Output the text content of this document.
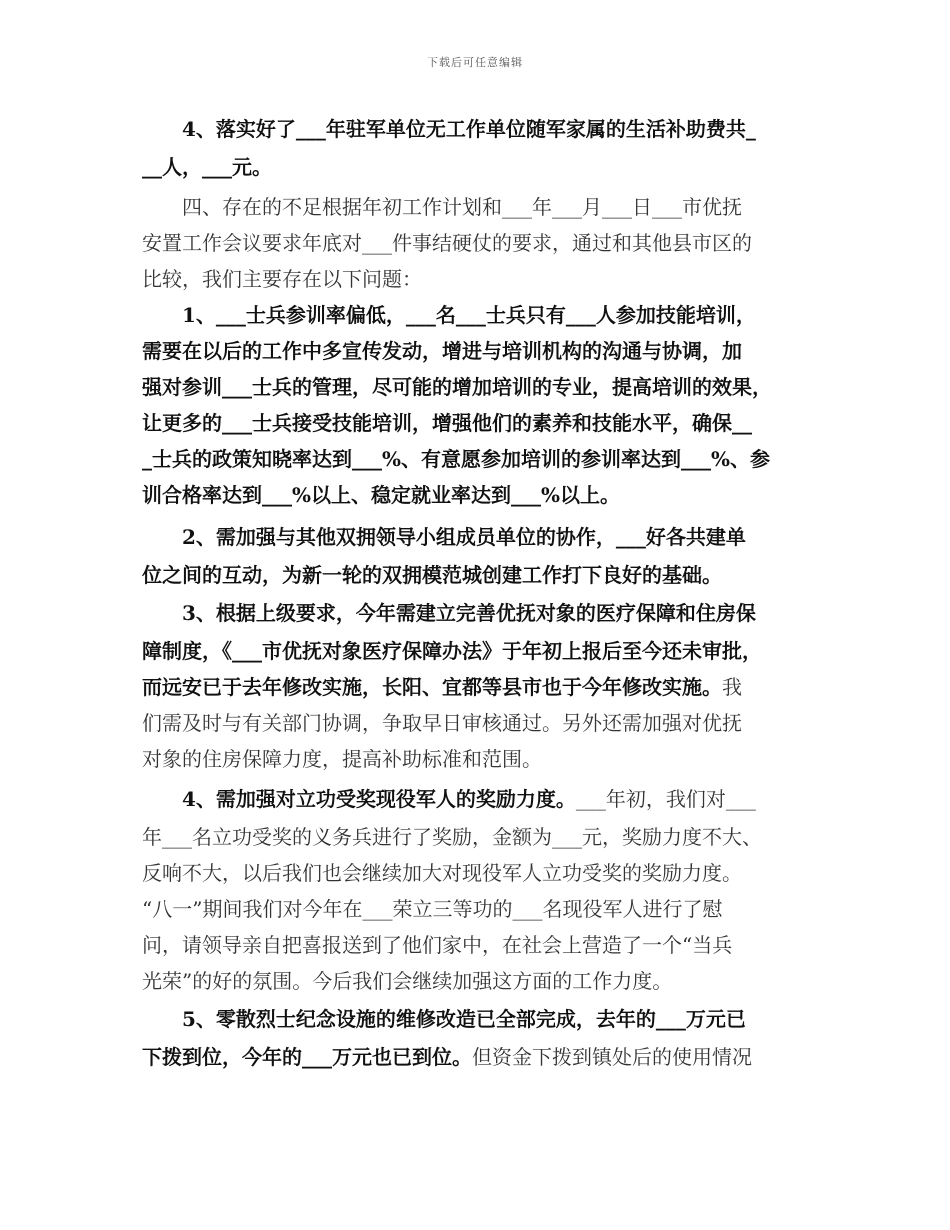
下载后可任意编辑
　　4、落实好了___年驻军单位无工作单位随军家属的生活补助费共_
__人，___元。
　　四、存在的不足根据年初工作计划和___年___月___日___市优抚
安置工作会议要求年底对___件事结硬仗的要求，通过和其他县市区的
比较，我们主要存在以下问题：
　　1、___士兵参训率偏低，___名___士兵只有___人参加技能培训，
需要在以后的工作中多宣传发动，增进与培训机构的沟通与协调，加
强对参训___士兵的管理，尽可能的增加培训的专业，提高培训的效果，
让更多的___士兵接受技能培训，增强他们的素养和技能水平，确保__
_士兵的政策知晓率达到___%、有意愿参加培训的参训率达到___%、参
训合格率达到___%以上、稳定就业率达到___%以上。
　　2、需加强与其他双拥领导小组成员单位的协作，___好各共建单
位之间的互动，为新一轮的双拥模范城创建工作打下良好的基础。
　　3、根据上级要求，今年需建立完善优抚对象的医疗保障和住房保
障制度，《___市优抚对象医疗保障办法》于年初上报后至今还未审批，
而远安已于去年修改实施，长阳、宜都等县市也于今年修改实施。我
们需及时与有关部门协调，争取早日审核通过。另外还需加强对优抚
对象的住房保障力度，提高补助标准和范围。
　　4、需加强对立功受奖现役军人的奖励力度。___年初，我们对___
年___名立功受奖的义务兵进行了奖励，金额为___元，奖励力度不大、
反响不大，以后我们也会继续加大对现役军人立功受奖的奖励力度。
“八一”期间我们对今年在___荣立三等功的___名现役军人进行了慰
问，请领导亲自把喜报送到了他们家中，在社会上营造了一个“当兵
光荣”的好的氛围。今后我们会继续加强这方面的工作力度。
　　5、零散烈士纪念设施的维修改造已全部完成，去年的___万元已
下拨到位，今年的___万元也已到位。但资金下拨到镇处后的使用情况
